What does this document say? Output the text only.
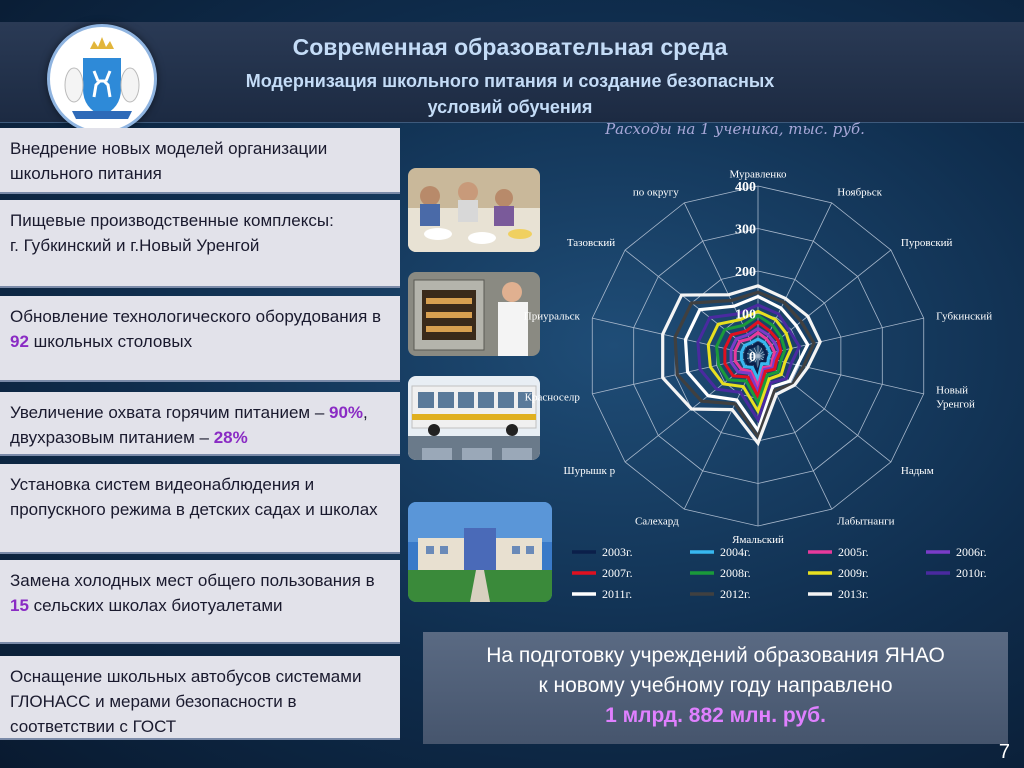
Современная образовательная среда
Модернизация школьного питания и создание безопасных
условий обучения
Внедрение новых моделей организации школьного питания
Пищевые производственные комплексы:
г. Губкинский и г.Новый Уренгой
Обновление технологического оборудования в 92 школьных столовых
Увеличение охвата горячим питанием – 90%, двухразовым питанием – 28%
Установка систем видеонаблюдения и пропускного режима в детских садах и школах
Замена холодных мест общего пользования в 15 сельских школах биотуалетами
Оснащение школьных автобусов системами ГЛОНАСС и мерами безопасности в соответствии с ГОСТ
Расходы на 1 ученика, тыс. руб.
0
100
200
300
400
Муравленко
Ноябрьск
Пуровский
Губкинский
Новый
Уренгой
Надым
Лабытнанги
Ямальский
Салехард
Шурышк р
Красноселр
Приуральск
Тазовский
по округу
2003г.	2004г.	2005г.	2006г.
2007г.	2008г.	2009г.	2010г.
2011г.	2012г.	2013г.
На подготовку учреждений образования ЯНАО
к новому учебному году направлено
1 млрд. 882 млн. руб.
7
